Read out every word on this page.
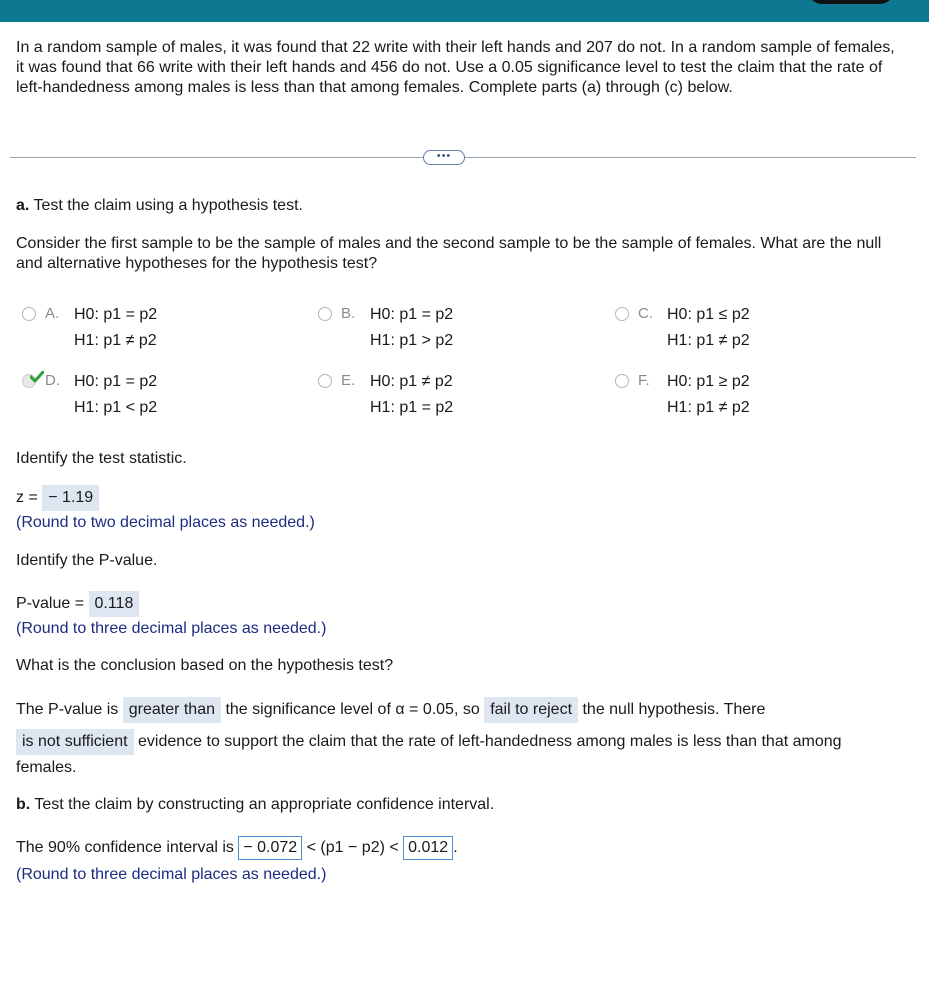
In a random sample of males, it was found that 22 write with their left hands and 207 do not. In a random sample of females, it was found that 66 write with their left hands and 456 do not. Use a 0.05 significance level to test the claim that the rate of left-handedness among males is less than that among females. Complete parts (a) through (c) below.
•••
a. Test the claim using a hypothesis test.
Consider the first sample to be the sample of males and the second sample to be the sample of females. What are the null and alternative hypotheses for the hypothesis test?
A. H0: p1 = p2
H1: p1 ≠ p2
B. H0: p1 = p2
H1: p1 > p2
C. H0: p1 ≤ p2
H1: p1 ≠ p2
D. H0: p1 = p2
H1: p1 < p2
E. H0: p1 ≠ p2
H1: p1 = p2
F. H0: p1 ≥ p2
H1: p1 ≠ p2
Identify the test statistic.
z = − 1.19
(Round to two decimal places as needed.)
Identify the P-value.
P-value = 0.118
(Round to three decimal places as needed.)
What is the conclusion based on the hypothesis test?
The P-value is greater than the significance level of α = 0.05, so fail to reject the null hypothesis. There
is not sufficient evidence to support the claim that the rate of left-handedness among males is less than that among
females.
b. Test the claim by constructing an appropriate confidence interval.
The 90% confidence interval is − 0.072 < (p1 − p2) < 0.012 .
(Round to three decimal places as needed.)
